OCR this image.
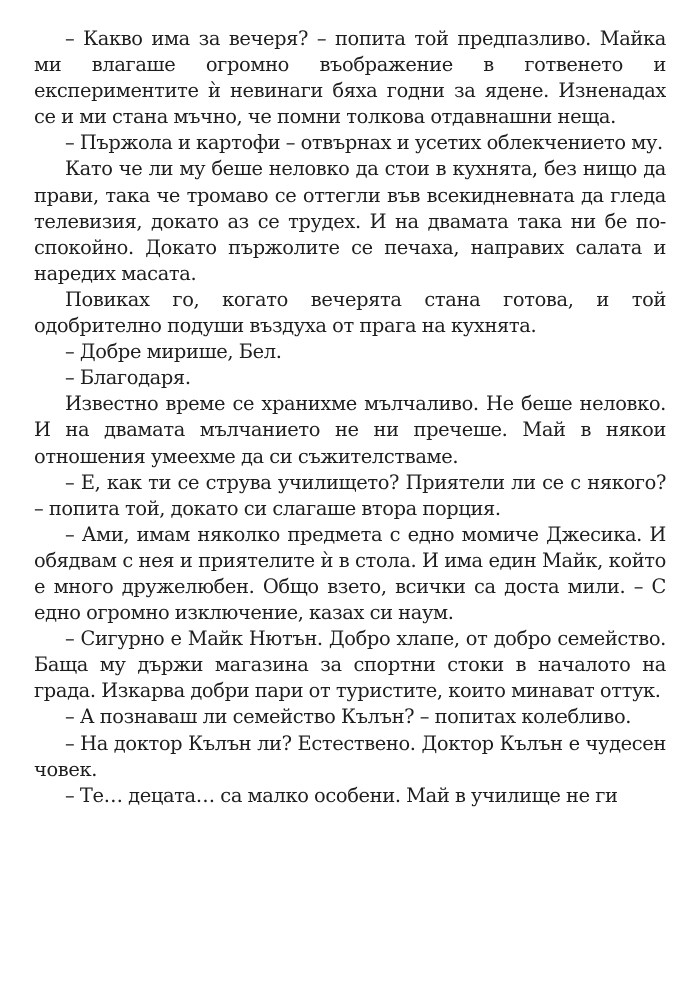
– Какво има за вечеря? – попита той предпазливо. Майка ми влагаше огромно въображение в готвенето и експериментите ѝ невинаги бяха годни за ядене. Изненадах се и ми стана мъчно, че помни толкова отдавнашни неща.

– Пържола и картофи – отвърнах и усетих облекчението му.

Като че ли му беше неловко да стои в кухнята, без нищо да прави, така че тромаво се оттегли във всекидневната да гледа телевизия, докато аз се трудех. И на двамата така ни бе по-спокойно. Докато пържолите се печаха, направих салата и наредих масата.

Повиках го, когато вечерята стана готова, и той одобрително подуши въздуха от прага на кухнята.

– Добре мирише, Бел.

– Благодаря.

Известно време се хранихме мълчаливо. Не беше неловко. И на двамата мълчанието не ни пречеше. Май в някои отношения умеехме да си съжителстваме.

– Е, как ти се струва училището? Приятели ли се с някого? – попита той, докато си слагаше втора порция.

– Ами, имам няколко предмета с едно момиче Джесика. И обядвам с нея и приятелите ѝ в стола. И има един Майк, който е много дружелюбен. Общо взето, всички са доста мили. – С едно огромно изключение, казах си наум.

– Сигурно е Майк Нютън. Добро хлапе, от добро семейство. Баща му държи магазина за спортни стоки в началото на града. Изкарва добри пари от туристите, които минават оттук.

– А познаваш ли семейство Кълън? – попитах колебливо.

– На доктор Кълън ли? Естествено. Доктор Кълън е чудесен човек.

– Те… децата… са малко особени. Май в училище не ги
